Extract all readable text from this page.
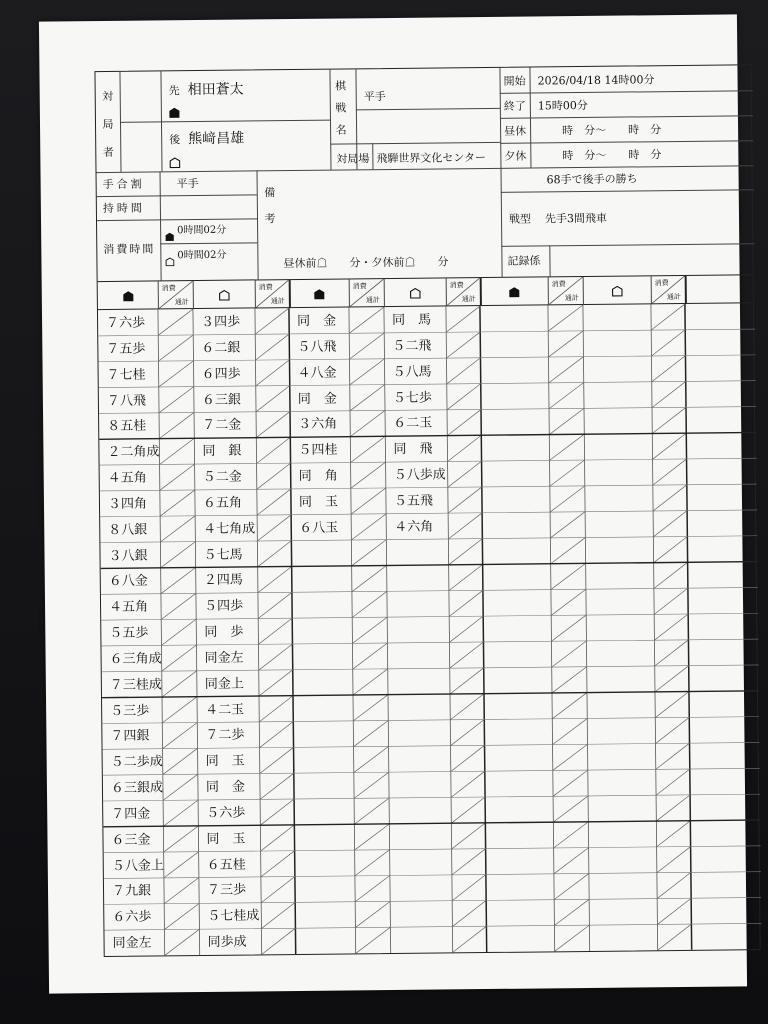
対
局
者
先 相田蒼太
後 熊﨑昌雄
棋
戦
名
平手
対局場 飛騨世界文化センター
開始 2026/04/18 14時00分
終了 15時00分
昼休	時　分〜　　時　分
夕休	時　分〜　　時　分
手合割	平手
持時間
消費時間
0時間02分
0時間02分
備
考
昼休前☖　　分・夕休前☖　　分
68手で後手の勝ち
戦型 先手3間飛車
記録係
消費
通計
消費
通計
消費
通計
消費
通計
消費
通計
消費
通計
７六歩	３四歩
７五歩	６二銀
７七桂	６四歩
７八飛	６三銀
８五桂	７二金
２二角成	同　銀
４五角	５二金
３四角	６五角
８八銀	４七角成
３八銀	５七馬
６八金	２四馬
４五角	５四歩
５五歩	同　歩
６三角成	同金左
７三桂成	同金上
５三歩	４二玉
７四銀	７二歩
５二歩成	同　玉
６三銀成	同　金
７四金	５六歩
６三金	同　玉
５八金上	６五桂
７九銀	７三歩
６六歩	５七桂成
同金左	同歩成
同　金	同　馬
５八飛	５二飛
４八金	５八馬
同　金	５七歩
３六角	６二玉
５四桂	同　飛
同　角	５八歩成
同　玉	５五飛
６八玉	４六角
